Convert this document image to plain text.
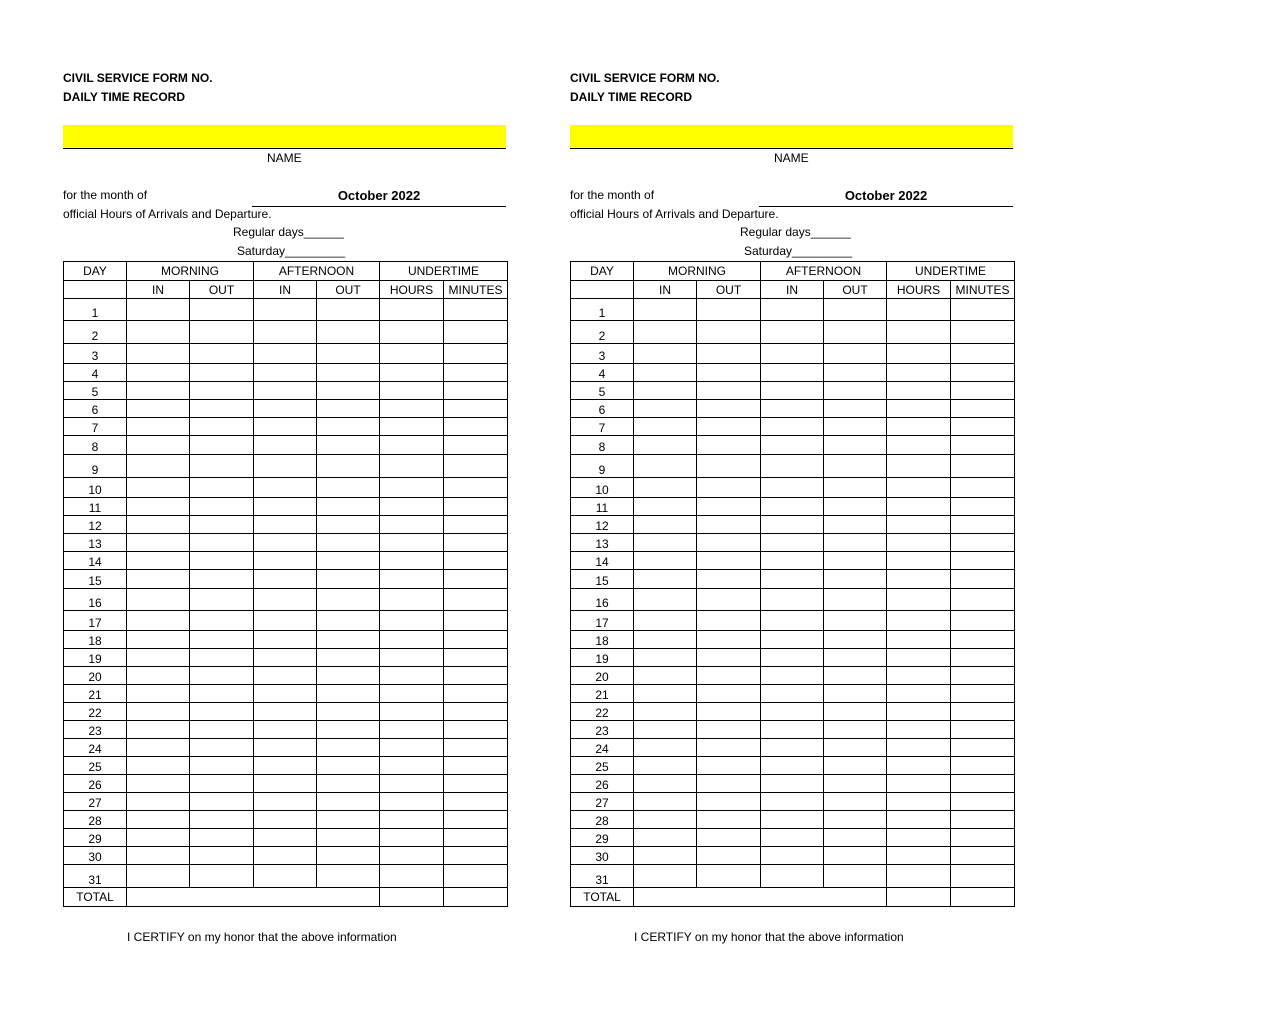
CIVIL SERVICE FORM NO.
DAILY TIME RECORD
NAME
for the month of	October 2022
official Hours of Arrivals and Departure.
Regular days______
Saturday_________
DAY	MORNING		AFTERNOON		UNDERTIME	
	IN	OUT	IN	OUT	HOURS	MINUTES
1						
2						
3						
4						
5						
6						
7						
8						
9						
10						
11						
12						
13						
14						
15						
16						
17						
18						
19						
20						
21						
22						
23						
24						
25						
26						
27						
28						
29						
30						
31						
TOTAL						
I CERTIFY on my honor that the above information
CIVIL SERVICE FORM NO.
DAILY TIME RECORD
NAME
for the month of	October 2022
official Hours of Arrivals and Departure.
Regular days______
Saturday_________
DAY	MORNING		AFTERNOON		UNDERTIME	
	IN	OUT	IN	OUT	HOURS	MINUTES
1						
2						
3						
4						
5						
6						
7						
8						
9						
10						
11						
12						
13						
14						
15						
16						
17						
18						
19						
20						
21						
22						
23						
24						
25						
26						
27						
28						
29						
30						
31						
TOTAL						
I CERTIFY on my honor that the above information
